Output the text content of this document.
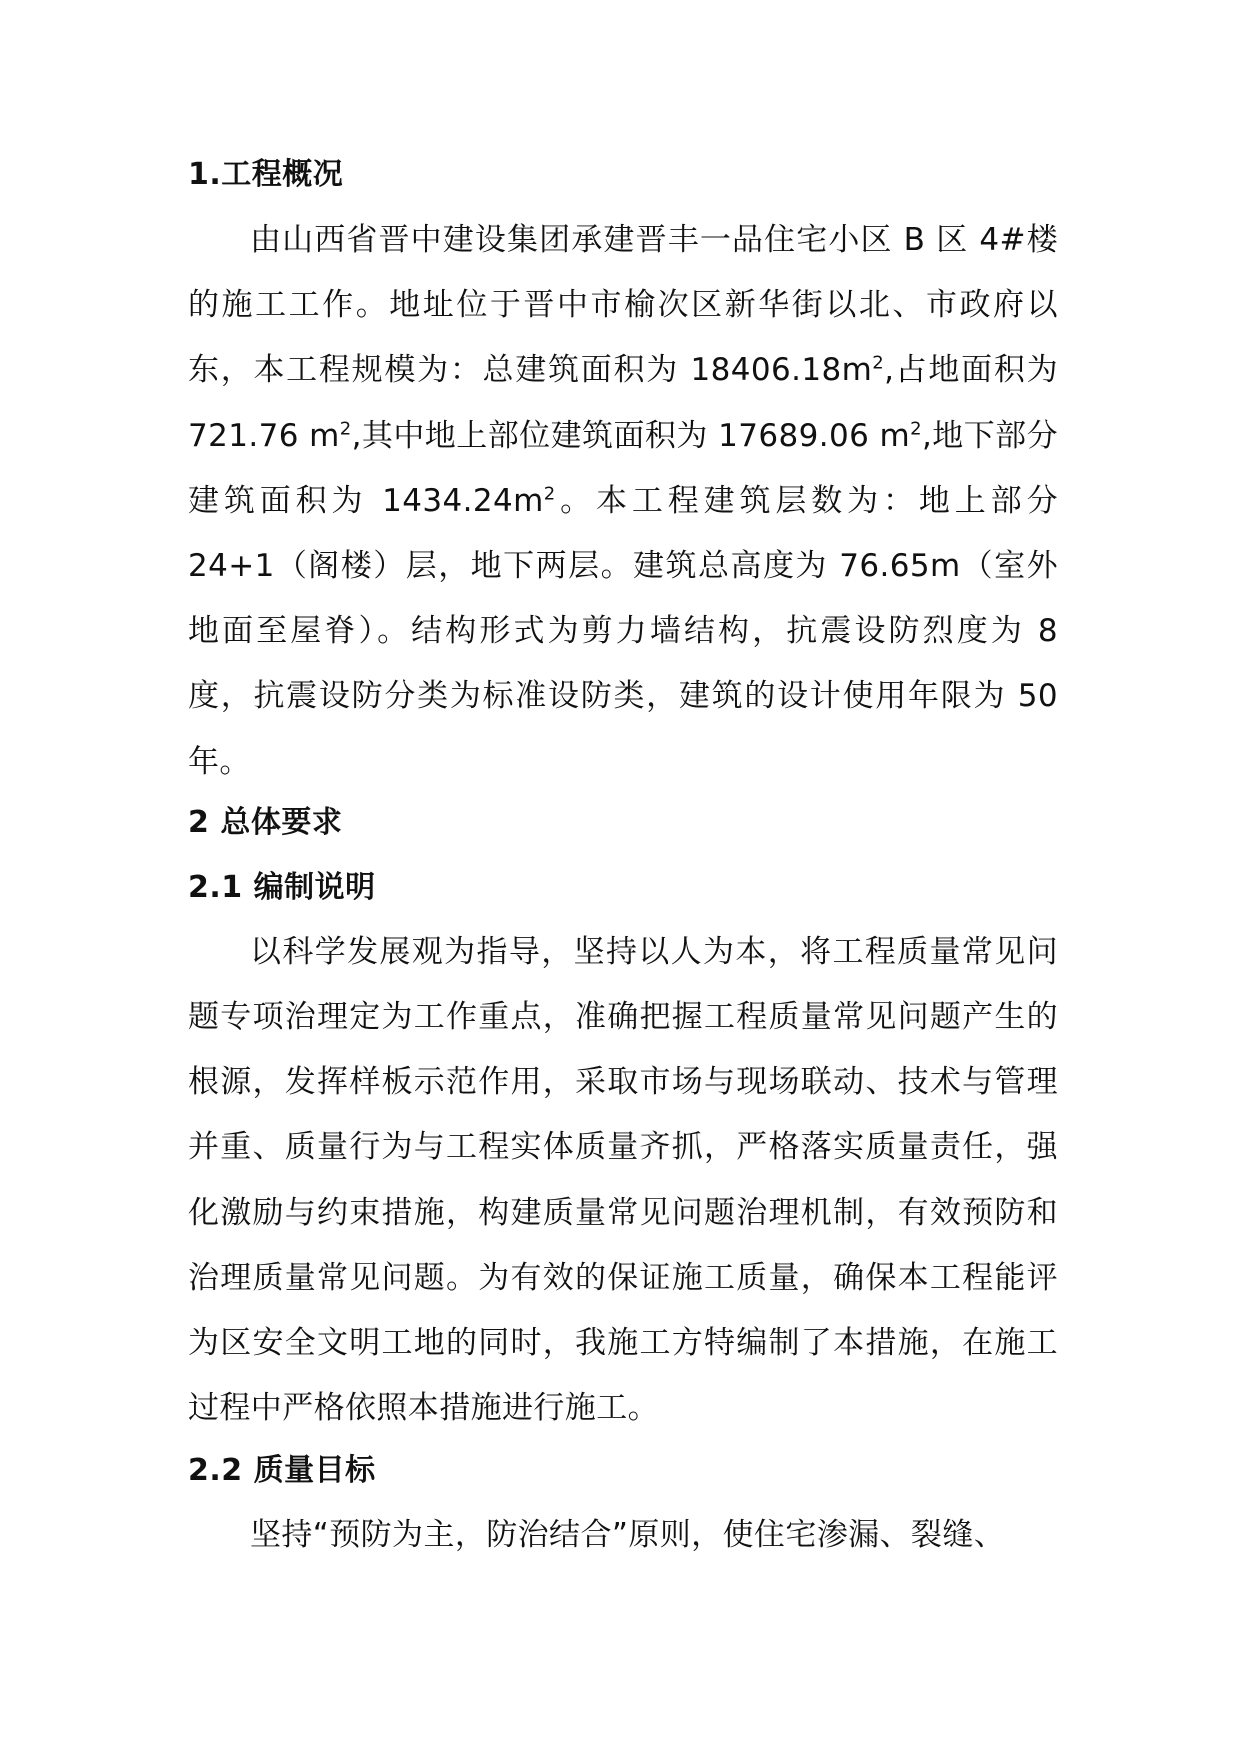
1.工程概况

由山西省晋中建设集团承建晋丰一品住宅小区 B 区 4#楼的施工工作。地址位于晋中市榆次区新华街以北、市政府以东，本工程规模为：总建筑面积为 $18406.18m^2$,占地面积为 721.76 $m^2$,其中地上部位建筑面积为 17689.06 $m^2$,地下部分建筑面积为 $1434.24m^2$。本工程建筑层数为：地上部分 24+1（阁楼）层，地下两层。建筑总高度为 76.65m（室外地面至屋脊）。结构形式为剪力墙结构，抗震设防烈度为 8 度，抗震设防分类为标准设防类，建筑的设计使用年限为 50 年。

2 总体要求
2.1 编制说明

以科学发展观为指导，坚持以人为本，将工程质量常见问题专项治理定为工作重点，准确把握工程质量常见问题产生的根源，发挥样板示范作用，采取市场与现场联动、技术与管理并重、质量行为与工程实体质量齐抓，严格落实质量责任，强化激励与约束措施，构建质量常见问题治理机制，有效预防和治理质量常见问题。为有效的保证施工质量，确保本工程能评为区安全文明工地的同时，我施工方特编制了本措施，在施工过程中严格依照本措施进行施工。

2.2 质量目标

坚持“预防为主，防治结合”原则，使住宅渗漏、裂缝、
